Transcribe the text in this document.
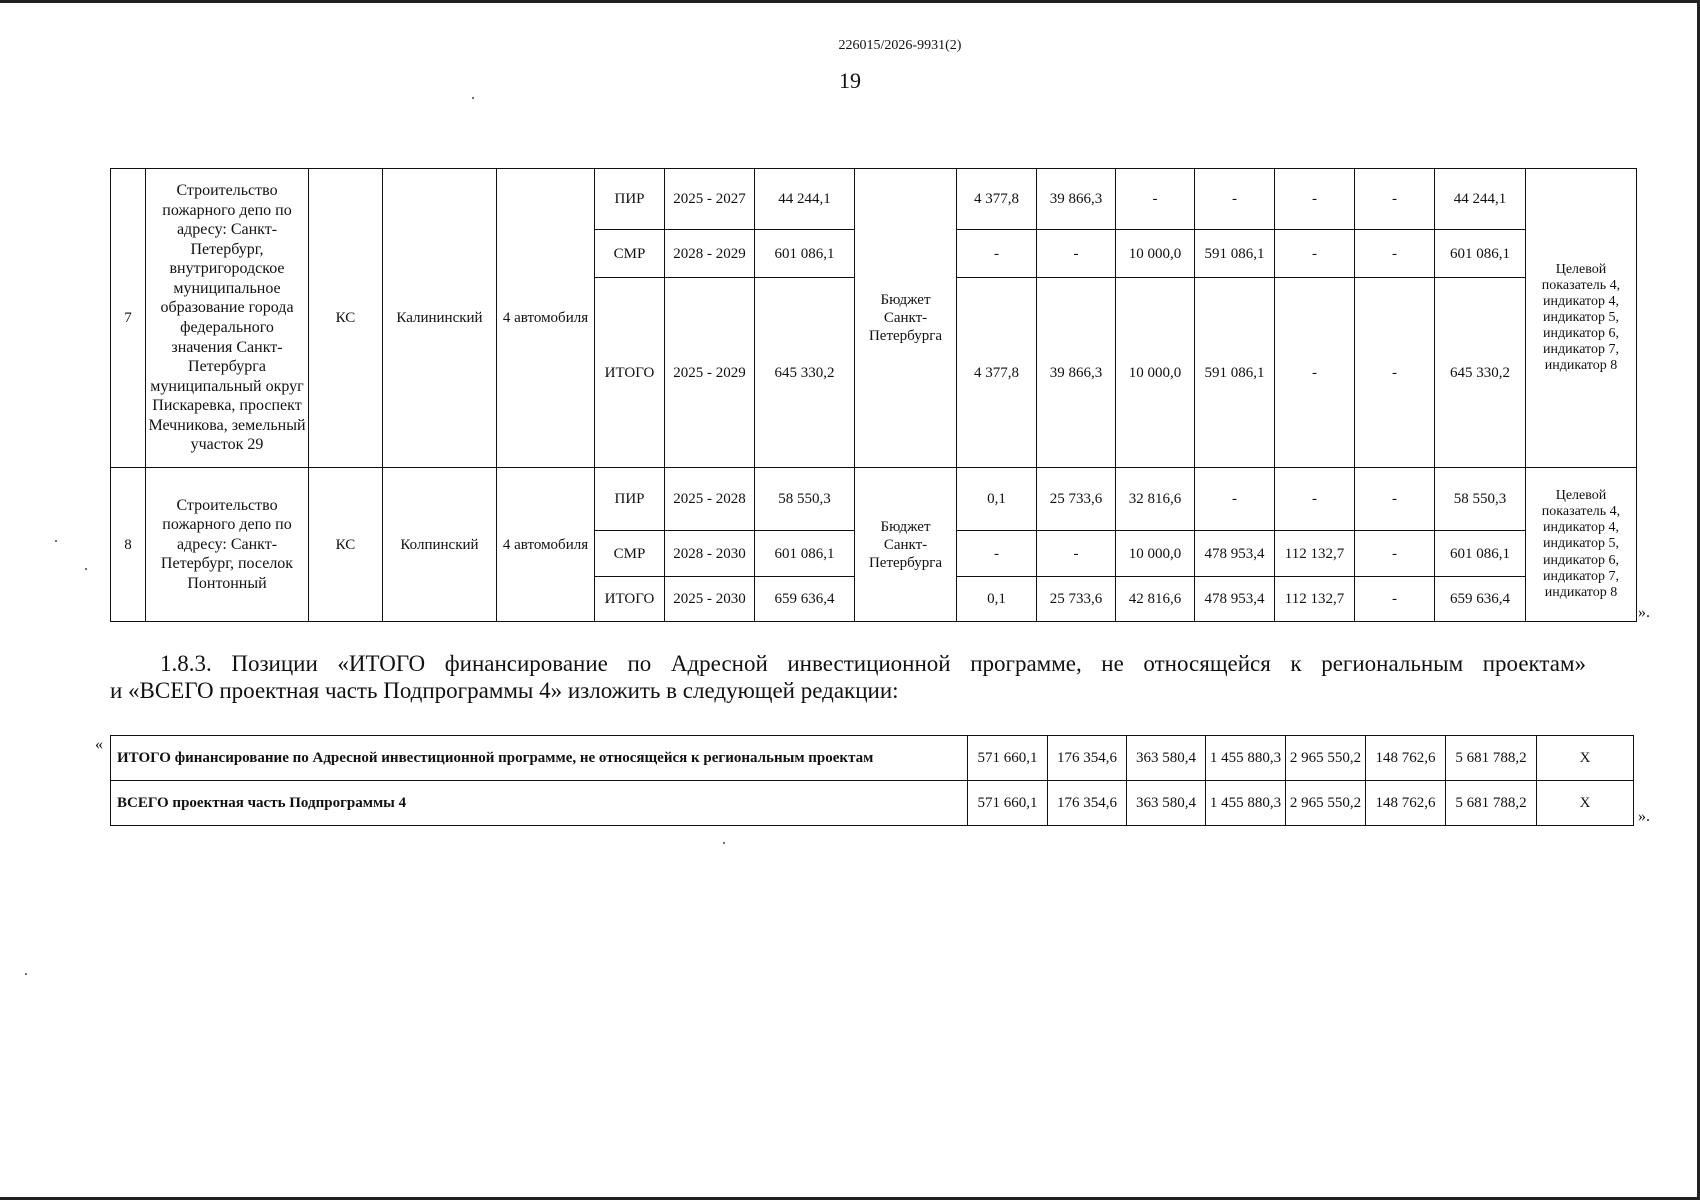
226015/2026-9931(2)
19
7	Строительство пожарного депо по адресу: Санкт-Петербург, внутригородское муниципальное образование города федерального значения Санкт-Петербурга муниципальный округ Пискаревка, проспект Мечникова, земельный участок 29	КС	Калининский	4 автомобиля	ПИР	2025 - 2027	44 244,1	Бюджет Санкт-Петербурга	4 377,8	39 866,3	-	-	-	-	44 244,1	Целевой показатель 4, индикатор 4, индикатор 5, индикатор 6, индикатор 7, индикатор 8
					СМР	2028 - 2029	601 086,1		-	-	10 000,0	591 086,1	-	-	601 086,1	
					ИТОГО	2025 - 2029	645 330,2		4 377,8	39 866,3	10 000,0	591 086,1	-	-	645 330,2	
8	Строительство пожарного депо по адресу: Санкт-Петербург, поселок Понтонный	КС	Колпинский	4 автомобиля	ПИР	2025 - 2028	58 550,3	Бюджет Санкт-Петербурга	0,1	25 733,6	32 816,6	-	-	-	58 550,3	Целевой показатель 4, индикатор 4, индикатор 5, индикатор 6, индикатор 7, индикатор 8
					СМР	2028 - 2030	601 086,1		-	-	10 000,0	478 953,4	112 132,7	-	601 086,1	
					ИТОГО	2025 - 2030	659 636,4		0,1	25 733,6	42 816,6	478 953,4	112 132,7	-	659 636,4	
».
1.8.3. Позиции «ИТОГО финансирование по Адресной инвестиционной программе, не относящейся к региональным проектам»
и «ВСЕГО проектная часть Подпрограммы 4» изложить в следующей редакции:
«
ИТОГО финансирование по Адресной инвестиционной программе, не относящейся к региональным проектам	571 660,1	176 354,6	363 580,4	1 455 880,3	2 965 550,2	148 762,6	5 681 788,2	Х
ВСЕГО проектная часть Подпрограммы 4	571 660,1	176 354,6	363 580,4	1 455 880,3	2 965 550,2	148 762,6	5 681 788,2	Х
».
